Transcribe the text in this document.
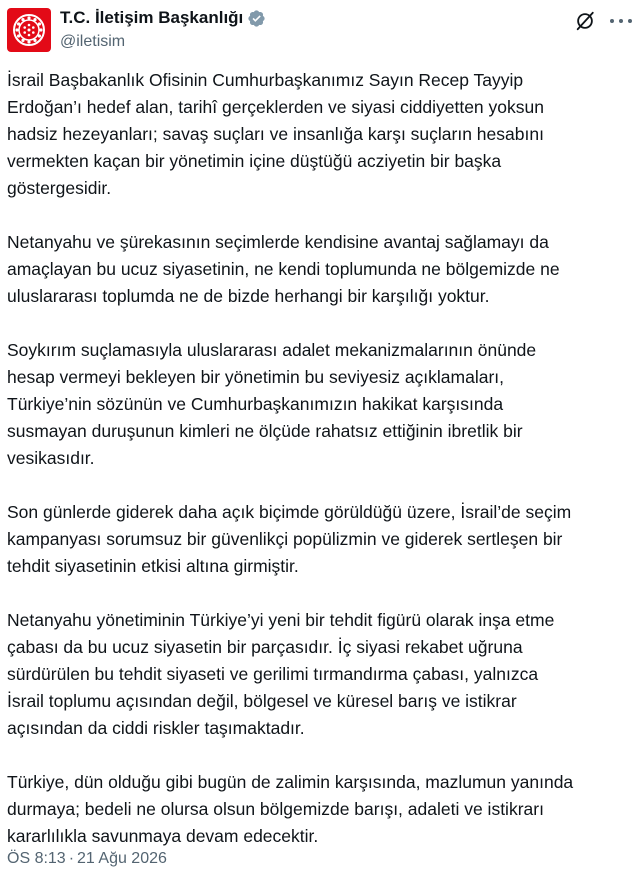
T.C. İletişim Başkanlığı
@iletisim

İsrail Başbakanlık Ofisinin Cumhurbaşkanımız Sayın Recep Tayyip
Erdoğan’ı hedef alan, tarihî gerçeklerden ve siyasi ciddiyetten yoksun
hadsiz hezeyanları; savaş suçları ve insanlığa karşı suçların hesabını
vermekten kaçan bir yönetimin içine düştüğü acziyetin bir başka
göstergesidir.

Netanyahu ve şürekasının seçimlerde kendisine avantaj sağlamayı da
amaçlayan bu ucuz siyasetinin, ne kendi toplumunda ne bölgemizde ne
uluslararası toplumda ne de bizde herhangi bir karşılığı yoktur.

Soykırım suçlamasıyla uluslararası adalet mekanizmalarının önünde
hesap vermeyi bekleyen bir yönetimin bu seviyesiz açıklamaları,
Türkiye’nin sözünün ve Cumhurbaşkanımızın hakikat karşısında
susmayan duruşunun kimleri ne ölçüde rahatsız ettiğinin ibretlik bir
vesikasıdır.

Son günlerde giderek daha açık biçimde görüldüğü üzere, İsrail’de seçim
kampanyası sorumsuz bir güvenlikçi popülizmin ve giderek sertleşen bir
tehdit siyasetinin etkisi altına girmiştir.

Netanyahu yönetiminin Türkiye’yi yeni bir tehdit figürü olarak inşa etme
çabası da bu ucuz siyasetin bir parçasıdır. İç siyasi rekabet uğruna
sürdürülen bu tehdit siyaseti ve gerilimi tırmandırma çabası, yalnızca
İsrail toplumu açısından değil, bölgesel ve küresel barış ve istikrar
açısından da ciddi riskler taşımaktadır.

Türkiye, dün olduğu gibi bugün de zalimin karşısında, mazlumun yanında
durmaya; bedeli ne olursa olsun bölgemizde barışı, adaleti ve istikrarı
kararlılıkla savunmaya devam edecektir.

ÖS 8:13 · 21 Ağu 2026
